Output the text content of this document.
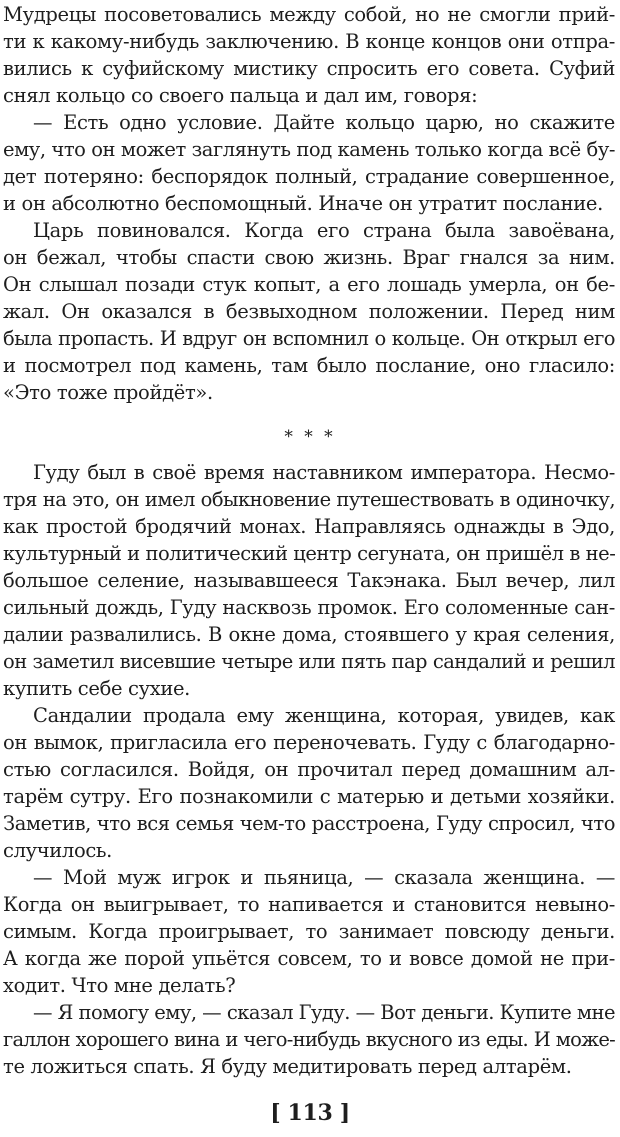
Мудрецы посоветовались между собой, но не смогли прий-
ти к какому-нибудь заключению. В конце концов они отпра-
вились к суфийскому мистику спросить его совета. Суфий
снял кольцо со своего пальца и дал им, говоря:
— Есть одно условие. Дайте кольцо царю, но скажите
ему, что он может заглянуть под камень только когда всё бу-
дет потеряно: беспорядок полный, страдание совершенное,
и он абсолютно беспомощный. Иначе он утратит послание.
Царь повиновался. Когда его страна была завоёвана,
он бежал, чтобы спасти свою жизнь. Враг гнался за ним.
Он слышал позади стук копыт, а его лошадь умерла, он бе-
жал. Он оказался в безвыходном положении. Перед ним
была пропасть. И вдруг он вспомнил о кольце. Он открыл его
и посмотрел под камень, там было послание, оно гласило:
«Это тоже пройдёт».
* * *
Гуду был в своё время наставником императора. Несмо-
тря на это, он имел обыкновение путешествовать в одиночку,
как простой бродячий монах. Направляясь однажды в Эдо,
культурный и политический центр сегуната, он пришёл в не-
большое селение, называвшееся Такэнака. Был вечер, лил
сильный дождь, Гуду насквозь промок. Его соломенные сан-
далии развалились. В окне дома, стоявшего у края селения,
он заметил висевшие четыре или пять пар сандалий и решил
купить себе сухие.
Сандалии продала ему женщина, которая, увидев, как
он вымок, пригласила его переночевать. Гуду с благодарно-
стью согласился. Войдя, он прочитал перед домашним ал-
тарём сутру. Его познакомили с матерью и детьми хозяйки.
Заметив, что вся семья чем-то расстроена, Гуду спросил, что
случилось.
— Мой муж игрок и пьяница, — сказала женщина. —
Когда он выигрывает, то напивается и становится невыно-
симым. Когда проигрывает, то занимает повсюду деньги.
А когда же порой упьётся совсем, то и вовсе домой не при-
ходит. Что мне делать?
— Я помогу ему, — сказал Гуду. — Вот деньги. Купите мне
галлон хорошего вина и чего-нибудь вкусного из еды. И може-
те ложиться спать. Я буду медитировать перед алтарём.
[ 113 ]
